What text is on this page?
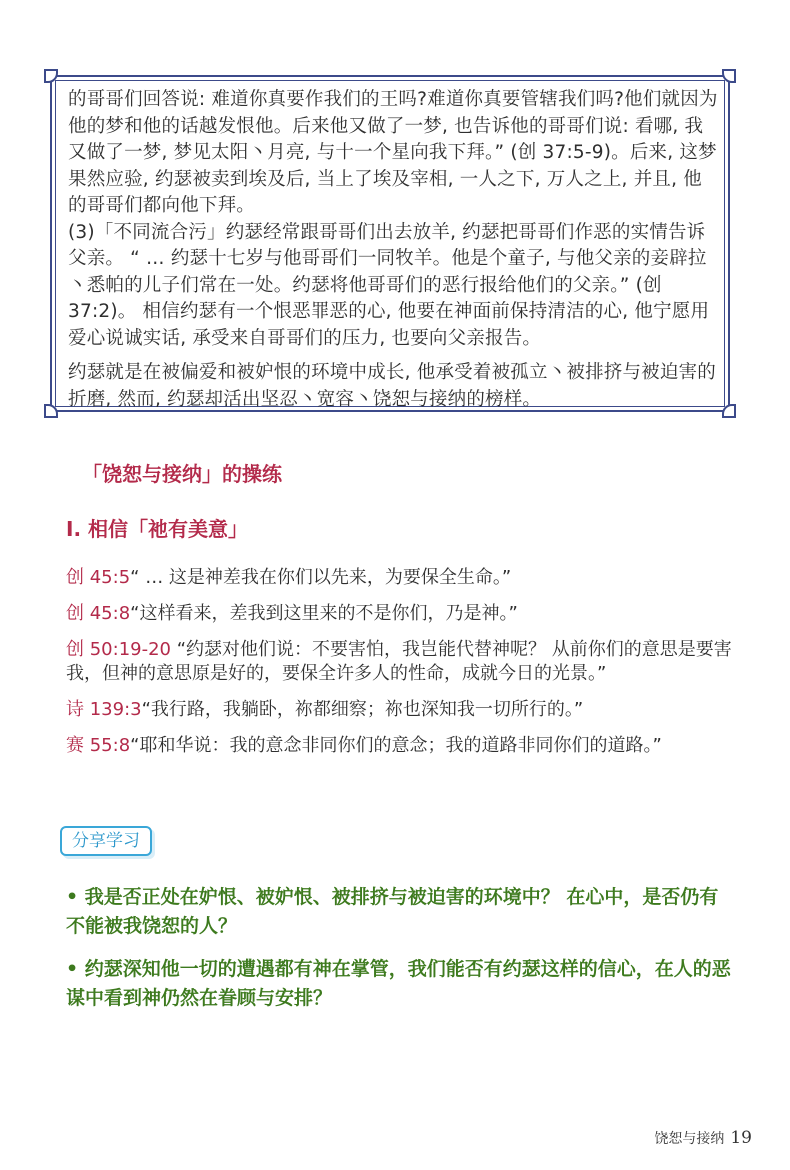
的哥哥们回答说: 难道你真要作我们的王吗?难道你真要管辖我们吗?他们就因为他的梦和他的话越发恨他。后来他又做了一梦, 也告诉他的哥哥们说: 看哪, 我又做了一梦, 梦见太阳丶月亮, 与十一个星向我下拜。” (创 37:5-9)。后来, 这梦果然应验, 约瑟被卖到埃及后, 当上了埃及宰相, 一人之下, 万人之上, 并且, 他的哥哥们都向他下拜。

(3)「不同流合污」约瑟经常跟哥哥们出去放羊, 约瑟把哥哥们作恶的实情告诉父亲。 “ … 约瑟十七岁与他哥哥们一同牧羊。他是个童子, 与他父亲的妾辟拉丶悉帕的儿子们常在一处。约瑟将他哥哥们的恶行报给他们的父亲。” (创 37:2)。 相信约瑟有一个恨恶罪恶的心, 他要在神面前保持清洁的心, 他宁愿用爱心说诚实话, 承受来自哥哥们的压力, 也要向父亲报告。

约瑟就是在被偏爱和被妒恨的环境中成长, 他承受着被孤立丶被排挤与被迫害的折磨, 然而, 约瑟却活出坚忍丶宽容丶饶恕与接纳的榜样。

「饶恕与接纳」的操练
I. 相信「祂有美意」

创 45:5“ … 这是神差我在你们以先来，为要保全生命。”

创 45:8“这样看来，差我到这里来的不是你们，乃是神。”

创 50:19-20 “约瑟对他们说：不要害怕，我岂能代替神呢？ 从前你们的意思是要害我，但神的意思原是好的，要保全许多人的性命，成就今日的光景。”

诗 139:3“我行路，我躺卧，祢都细察；祢也深知我一切所行的。”

赛 55:8“耶和华说：我的意念非同你们的意念；我的道路非同你们的道路。”

分享学习

• 我是否正处在妒恨、被妒恨、被排挤与被迫害的环境中？ 在心中，是否仍有不能被我饶恕的人？

• 约瑟深知他一切的遭遇都有神在掌管，我们能否有约瑟这样的信心，在人的恶谋中看到神仍然在眷顾与安排？

饶恕与接纳 19
